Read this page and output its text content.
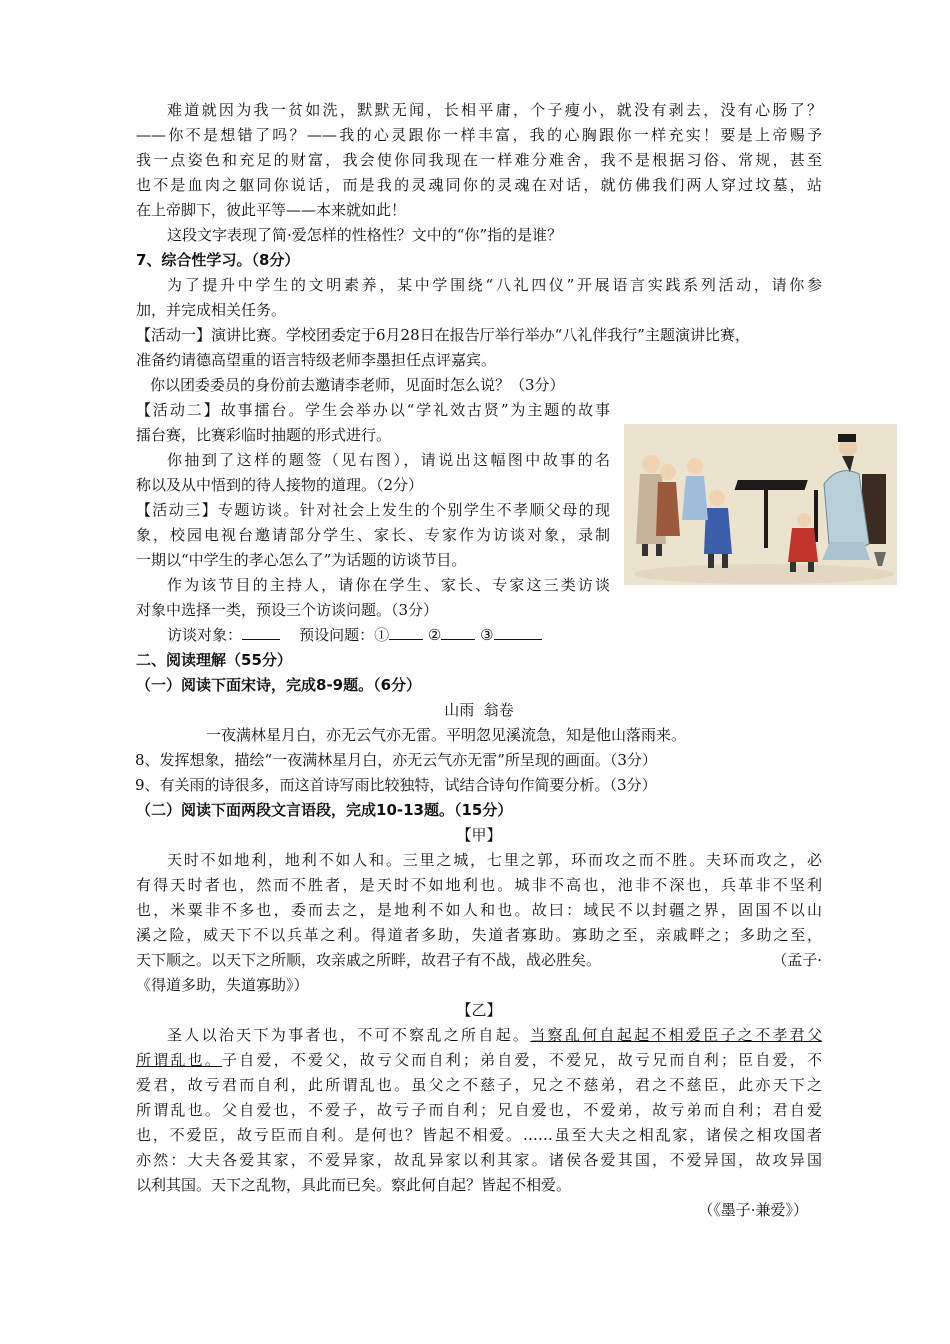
难道就因为我一贫如洗，默默无闻，长相平庸，个子瘦小，就没有剥去，没有心肠了？

——你不是想错了吗？——我的心灵跟你一样丰富，我的心胸跟你一样充实！要是上帝赐予

我一点姿色和充足的财富，我会使你同我现在一样难分难舍，我不是根据习俗、常规，甚至

也不是血肉之躯同你说话，而是我的灵魂同你的灵魂在对话，就仿佛我们两人穿过坟墓，站

在上帝脚下，彼此平等——本来就如此！

这段文字表现了简·爱怎样的性格性？文中的“你”指的是谁？

7、综合性学习。（8分）

为了提升中学生的文明素养，某中学围绕“八礼四仪”开展语言实践系列活动，请你参

加，并完成相关任务。

【活动一】演讲比赛。学校团委定于6月28日在报告厅举行举办“八礼伴我行”主题演讲比赛，

准备约请德高望重的语言特级老师李墨担任点评嘉宾。

你以团委委员的身份前去邀请李老师，见面时怎么说？（3分）

【活动二】故事擂台。学生会举办以“学礼效古贤”为主题的故事

擂台赛，比赛彩临时抽题的形式进行。

你抽到了这样的题签（见右图），请说出这幅图中故事的名

称以及从中悟到的待人接物的道理。（2分）

【活动三】专题访谈。针对社会上发生的个别学生不孝顺父母的现

象，校园电视台邀请部分学生、家长、专家作为访谈对象，录制

一期以“中学生的孝心怎么了”为话题的访谈节目。

作为该节目的主持人，请你在学生、家长、专家这三类访谈

对象中选择一类，预设三个访谈问题。（3分）

访谈对象：	预设问题：①	②	③

二、阅读理解（55分）

（一）阅读下面宋诗，完成8-9题。（6分）

山雨 翁卷

一夜满林星月白，亦无云气亦无雷。平明忽见溪流急，知是他山落雨来。

8、发挥想象，描绘“一夜满林星月白，亦无云气亦无雷”所呈现的画面。（3分）

9、有关雨的诗很多，而这首诗写雨比较独特，试结合诗句作简要分析。（3分）

（二）阅读下面两段文言语段，完成10-13题。（15分）

【甲】

天时不如地利，地利不如人和。三里之城，七里之郭，环而攻之而不胜。夫环而攻之，必

有得天时者也，然而不胜者，是天时不如地利也。城非不高也，池非不深也，兵革非不坚利

也，米粟非不多也，委而去之，是地利不如人和也。故曰：域民不以封疆之界，固国不以山

溪之险，威天下不以兵革之利。得道者多助，失道者寡助。寡助之至，亲戚畔之；多助之至，

天下顺之。以天下之所顺，攻亲戚之所畔，故君子有不战，战必胜矣。	（孟子·

《得道多助，失道寡助》）

【乙】

圣人以治天下为事者也，不可不察乱之所自起。当察乱何自起起不相爱臣子之不孝君父

所谓乱也。子自爱，不爱父，故亏父而自利；弟自爱，不爱兄，故亏兄而自利；臣自爱，不

爱君，故亏君而自利，此所谓乱也。虽父之不慈子，兄之不慈弟，君之不慈臣，此亦天下之

所谓乱也。父自爱也，不爱子，故亏子而自利；兄自爱也，不爱弟，故亏弟而自利；君自爱

也，不爱臣，故亏臣而自利。是何也？皆起不相爱。……虽至大夫之相乱家，诸侯之相攻国者

亦然：大夫各爱其家，不爱异家，故乱异家以利其家。诸侯各爱其国，不爱异国，故攻异国

以利其国。天下之乱物，具此而已矣。察此何自起？皆起不相爱。

（《墨子·兼爱》）
